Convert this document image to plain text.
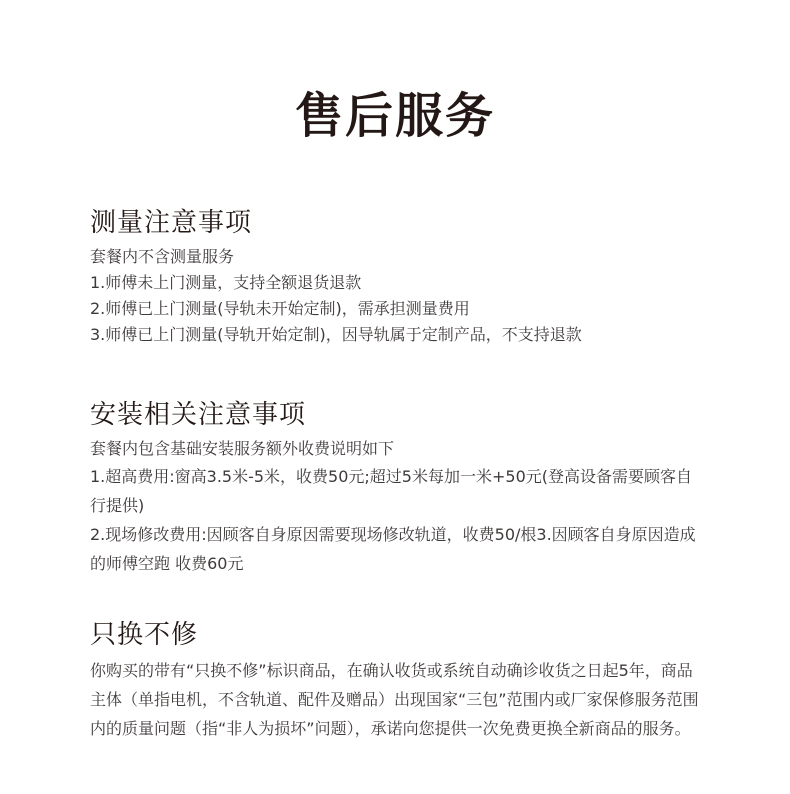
售后服务
测量注意事项

套餐内不含测量服务

1.师傅未上门测量，支持全额退货退款

2.师傅已上门测量(导轨未开始定制)，需承担测量费用

3.师傅已上门测量(导轨开始定制)，因导轨属于定制产品，不支持退款

安装相关注意事项

套餐内包含基础安装服务额外收费说明如下

1.超高费用:窗高3.5米-5米，收费50元;超过5米每加一米+50元(登高设备需要顾客自行提供)

2.现场修改费用:因顾客自身原因需要现场修改轨道，收费50/根3.因顾客自身原因造成的师傅空跑 收费60元

只换不修

你购买的带有“只换不修”标识商品，在确认收货或系统自动确诊收货之日起5年，商品主体（单指电机，不含轨道、配件及赠品）出现国家“三包”范围内或厂家保修服务范围内的质量问题（指“非人为损坏”问题），承诺向您提供一次免费更换全新商品的服务。
